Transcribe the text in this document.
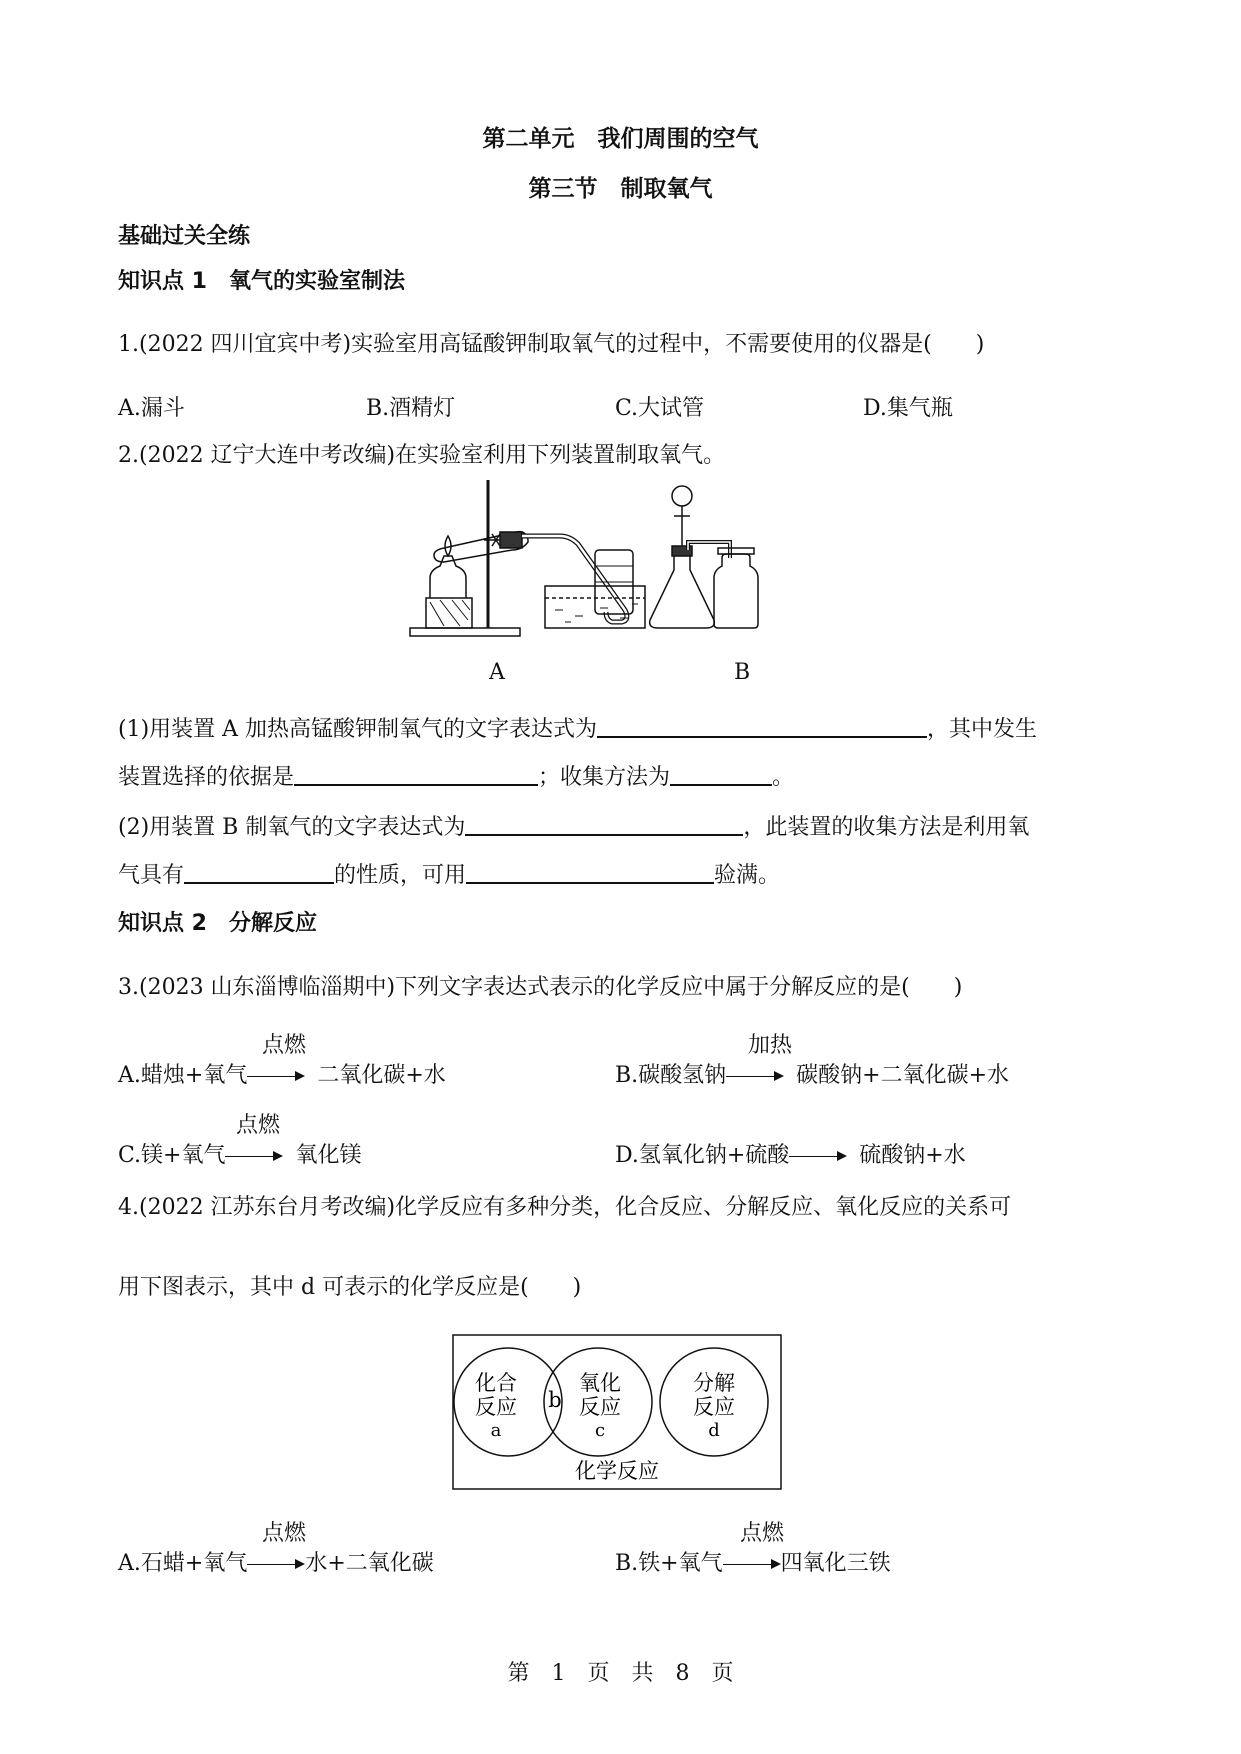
第二单元　我们周围的空气
第三节　制取氧气
基础过关全练
知识点 1　氧气的实验室制法
1.(2022 四川宜宾中考)实验室用高锰酸钾制取氧气的过程中，不需要使用的仪器是(　　)
A.漏斗	B.酒精灯	C.大试管	D.集气瓶
2.(2022 辽宁大连中考改编)在实验室利用下列装置制取氧气。
A	B
(1)用装置 A 加热高锰酸钾制氧气的文字表达式为	，其中发生
装置选择的依据是	；收集方法为	。
(2)用装置 B 制氧气的文字表达式为	，此装置的收集方法是利用氧
气具有	的性质，可用	验满。
知识点 2　分解反应
3.(2023 山东淄博临淄期中)下列文字表达式表示的化学反应中属于分解反应的是(　　)
点燃
A.蜡烛+氧气	二氧化碳+水
加热
B.碳酸氢钠	碳酸钠+二氧化碳+水
点燃
C.镁+氧气	氧化镁	D.氢氧化钠+硫酸	硫酸钠+水
4.(2022 江苏东台月考改编)化学反应有多种分类，化合反应、分解反应、氧化反应的关系可
用下图表示，其中 d 可表示的化学反应是(　　)
化合
反应
a
b
氧化
反应
c
分解
反应
d
化学反应
点燃
A.石蜡+氧气	水+二氧化碳
点燃
B.铁+氧气	四氧化三铁
第　1　页　共　8　页
